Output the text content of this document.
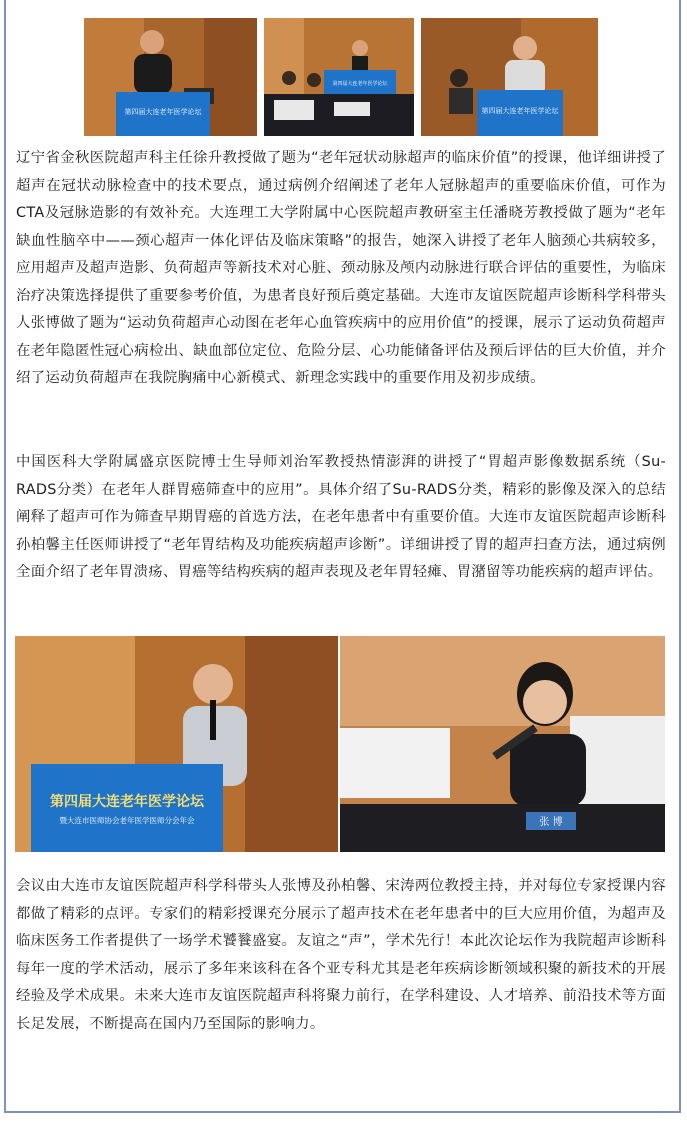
第四届大连老年医学论坛
第四届大连老年医学论坛
第四届大连老年医学论坛

辽宁省金秋医院超声科主任徐升教授做了题为“老年冠状动脉超声的临床价值”的授课，他详细讲授了超声在冠状动脉检查中的技术要点，通过病例介绍阐述了老年人冠脉超声的重要临床价值，可作为CTA及冠脉造影的有效补充。大连理工大学附属中心医院超声教研室主任潘晓芳教授做了题为“老年缺血性脑卒中——颈心超声一体化评估及临床策略”的报告，她深入讲授了老年人脑颈心共病较多，应用超声及超声造影、负荷超声等新技术对心脏、颈动脉及颅内动脉进行联合评估的重要性，为临床治疗决策选择提供了重要参考价值，为患者良好预后奠定基础。大连市友谊医院超声诊断科学科带头人张博做了题为“运动负荷超声心动图在老年心血管疾病中的应用价值”的授课，展示了运动负荷超声在老年隐匿性冠心病检出、缺血部位定位、危险分层、心功能储备评估及预后评估的巨大价值，并介绍了运动负荷超声在我院胸痛中心新模式、新理念实践中的重要作用及初步成绩。

中国医科大学附属盛京医院博士生导师刘治军教授热情澎湃的讲授了“胃超声影像数据系统（Su-RADS分类）在老年人群胃癌筛查中的应用”。具体介绍了Su-RADS分类，精彩的影像及深入的总结阐释了超声可作为筛查早期胃癌的首选方法，在老年患者中有重要价值。大连市友谊医院超声诊断科孙柏馨主任医师讲授了“老年胃结构及功能疾病超声诊断”。详细讲授了胃的超声扫查方法，通过病例全面介绍了老年胃溃疡、胃癌等结构疾病的超声表现及老年胃轻瘫、胃潴留等功能疾病的超声评估。

第四届大连老年医学论坛
暨大连市医师协会老年医学医师分会年会	张 博

会议由大连市友谊医院超声科学科带头人张博及孙柏馨、宋涛两位教授主持，并对每位专家授课内容都做了精彩的点评。专家们的精彩授课充分展示了超声技术在老年患者中的巨大应用价值，为超声及临床医务工作者提供了一场学术饕餮盛宴。友谊之“声”，学术先行！本此次论坛作为我院超声诊断科每年一度的学术活动，展示了多年来该科在各个亚专科尤其是老年疾病诊断领域积聚的新技术的开展经验及学术成果。未来大连市友谊医院超声科将聚力前行，在学科建设、人才培养、前沿技术等方面长足发展，不断提高在国内乃至国际的影响力。
